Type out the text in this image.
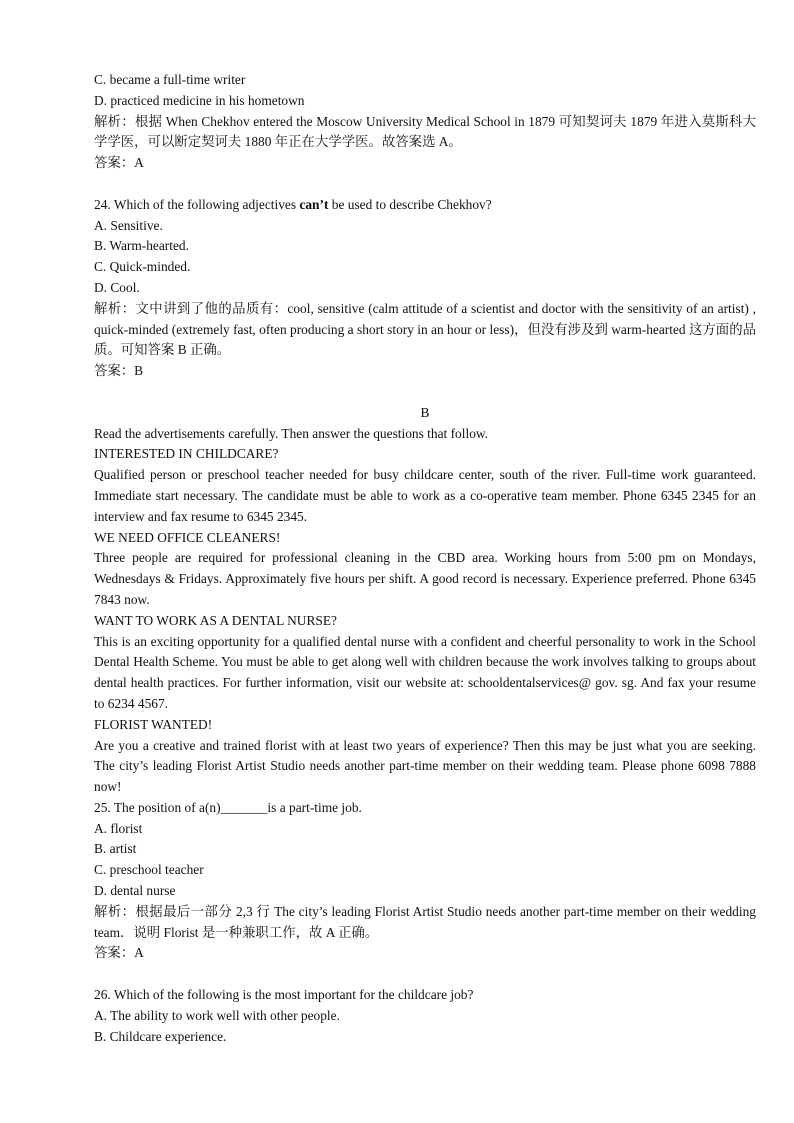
C. became a full-time writer
D. practiced medicine in his hometown
解析：根据 When Chekhov entered the Moscow University Medical School in 1879 可知契诃夫 1879 年进入莫斯科大学学医，可以断定契诃夫 1880 年正在大学学医。故答案选 A。
答案：A
24. Which of the following adjectives can’t be used to describe Chekhov?
A. Sensitive.
B. Warm-hearted.
C. Quick-minded.
D. Cool.
解析：文中讲到了他的品质有：cool, sensitive (calm attitude of a scientist and doctor with the sensitivity of an artist) , quick-minded (extremely fast, often producing a short story in an hour or less)，但没有涉及到 warm-hearted 这方面的品质。可知答案 B 正确。
答案：B
B
Read the advertisements carefully. Then answer the questions that follow.
INTERESTED IN CHILDCARE?
Qualified person or preschool teacher needed for busy childcare center, south of the river. Full-time work guaranteed. Immediate start necessary. The candidate must be able to work as a co-operative team member. Phone 6345 2345 for an interview and fax resume to 6345 2345.
WE NEED OFFICE CLEANERS!
Three people are required for professional cleaning in the CBD area. Working hours from 5:00 pm on Mondays, Wednesdays & Fridays. Approximately five hours per shift. A good record is necessary. Experience preferred. Phone 6345 7843 now.
WANT TO WORK AS A DENTAL NURSE?
This is an exciting opportunity for a qualified dental nurse with a confident and cheerful personality to work in the School Dental Health Scheme. You must be able to get along well with children because the work involves talking to groups about dental health practices. For further information, visit our website at: schooldentalservices@ gov. sg. And fax your resume to 6234 4567.
FLORIST WANTED!
Are you a creative and trained florist with at least two years of experience? Then this may be just what you are seeking. The city’s leading Florist Artist Studio needs another part-time member on their wedding team. Please phone 6098 7888 now!
25. The position of a(n)_______is a part-time job.
A. florist
B. artist
C. preschool teacher
D. dental nurse
解析：根据最后一部分 2,3 行 The city’s leading Florist Artist Studio needs another part-time member on their wedding team．说明 Florist 是一种兼职工作，故 A 正确。
答案：A
26. Which of the following is the most important for the childcare job?
A. The ability to work well with other people.
B. Childcare experience.
